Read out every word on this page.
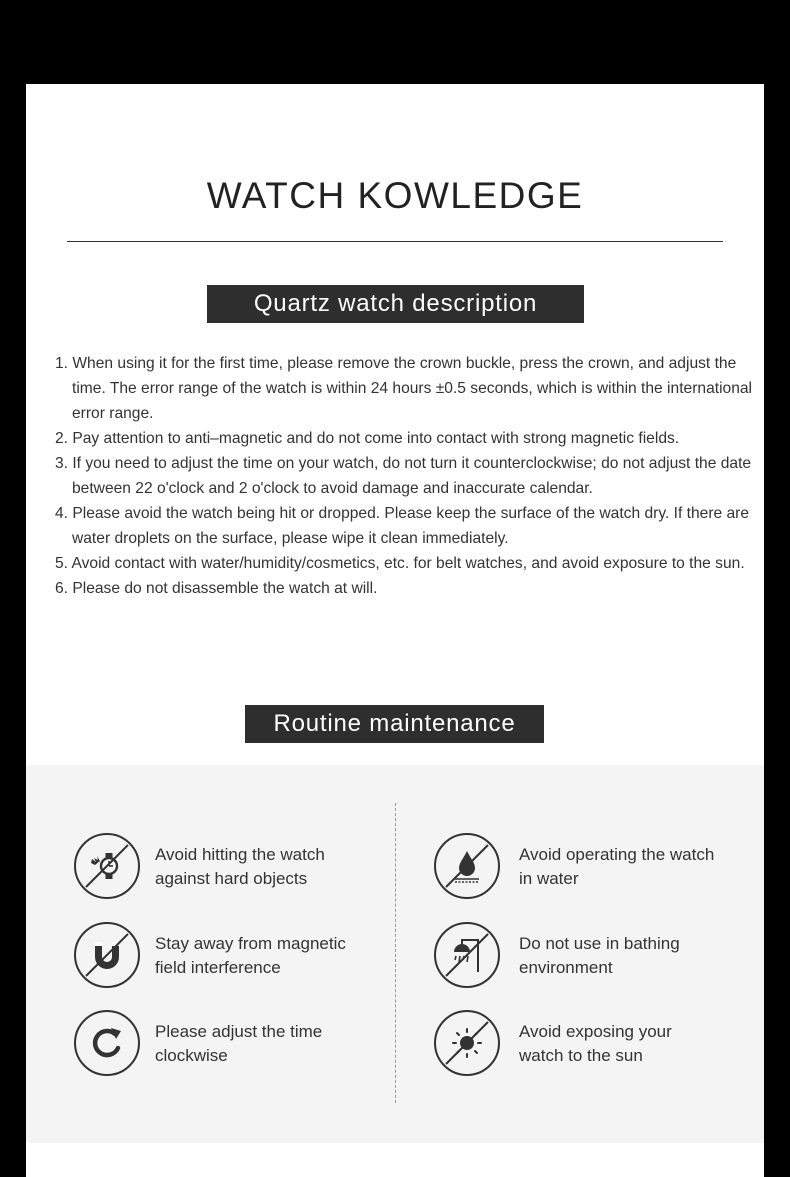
WATCH KOWLEDGE
Quartz watch description

1. When using it for the first time, please remove the crown buckle, press the crown, and adjust the time. The error range of the watch is within 24 hours ±0.5 seconds, which is within the international error range.

2. Pay attention to anti–magnetic and do not come into contact with strong magnetic fields.

3. If you need to adjust the time on your watch, do not turn it counterclockwise; do not adjust the date between 22 o'clock and 2 o'clock to avoid damage and inaccurate calendar.

4. Please avoid the watch being hit or dropped. Please keep the surface of the watch dry. If there are water droplets on the surface, please wipe it clean immediately.

5. Avoid contact with water/humidity/cosmetics, etc. for belt watches, and avoid exposure to the sun.

6. Please do not disassemble the watch at will.

Routine maintenance
Avoid hitting the watch
against hard objects
Stay away from magnetic
field interference
Please adjust the time
clockwise
Avoid operating the watch
in water
Do not use in bathing
environment
Avoid exposing your
watch to the sun
